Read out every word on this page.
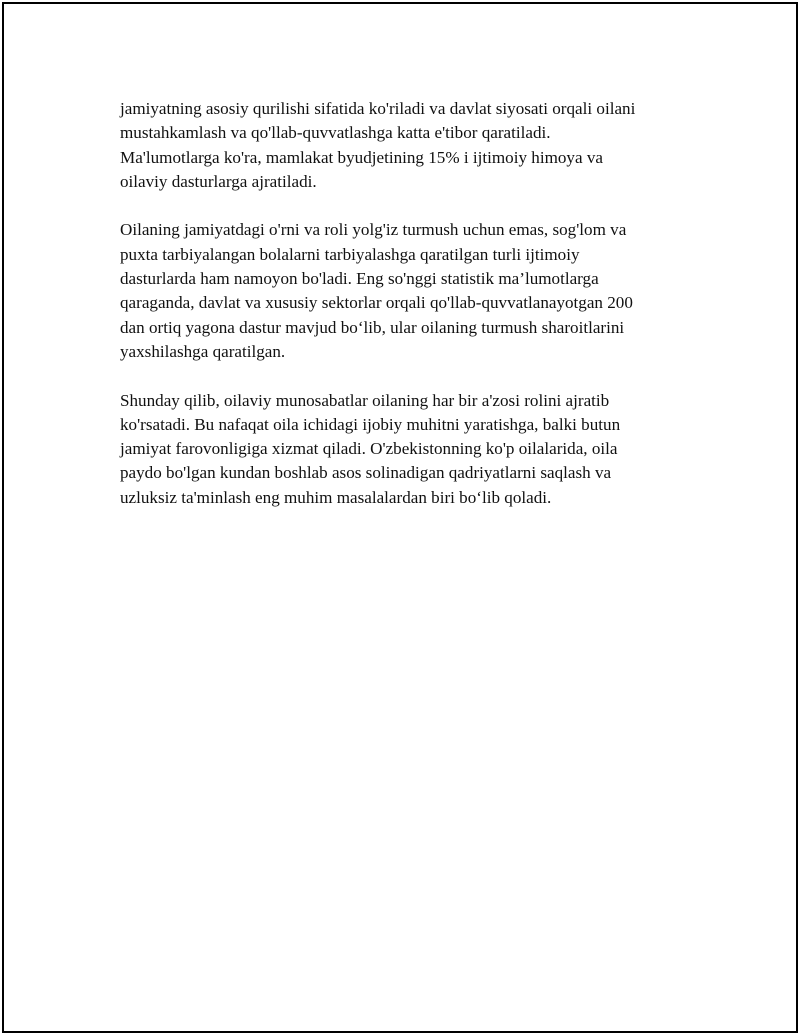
jamiyatning asosiy qurilishi sifatida ko'riladi va davlat siyosati orqali oilani
mustahkamlash va qo'llab-quvvatlashga katta e'tibor qaratiladi.
Ma'lumotlarga ko'ra, mamlakat byudjetining 15% i ijtimoiy himoya va
oilaviy dasturlarga ajratiladi.

Oilaning jamiyatdagi o'rni va roli yolg'iz turmush uchun emas, sog'lom va
puxta tarbiyalangan bolalarni tarbiyalashga qaratilgan turli ijtimoiy
dasturlarda ham namoyon bo'ladi. Eng so'nggi statistik ma’lumotlarga
qaraganda, davlat va xususiy sektorlar orqali qo'llab-quvvatlanayotgan 200
dan ortiq yagona dastur mavjud bo‘lib, ular oilaning turmush sharoitlarini
yaxshilashga qaratilgan.

Shunday qilib, oilaviy munosabatlar oilaning har bir a'zosi rolini ajratib
ko'rsatadi. Bu nafaqat oila ichidagi ijobiy muhitni yaratishga, balki butun
jamiyat farovonligiga xizmat qiladi. O'zbekistonning ko'p oilalarida, oila
paydo bo'lgan kundan boshlab asos solinadigan qadriyatlarni saqlash va
uzluksiz ta'minlash eng muhim masalalardan biri bo‘lib qoladi.
